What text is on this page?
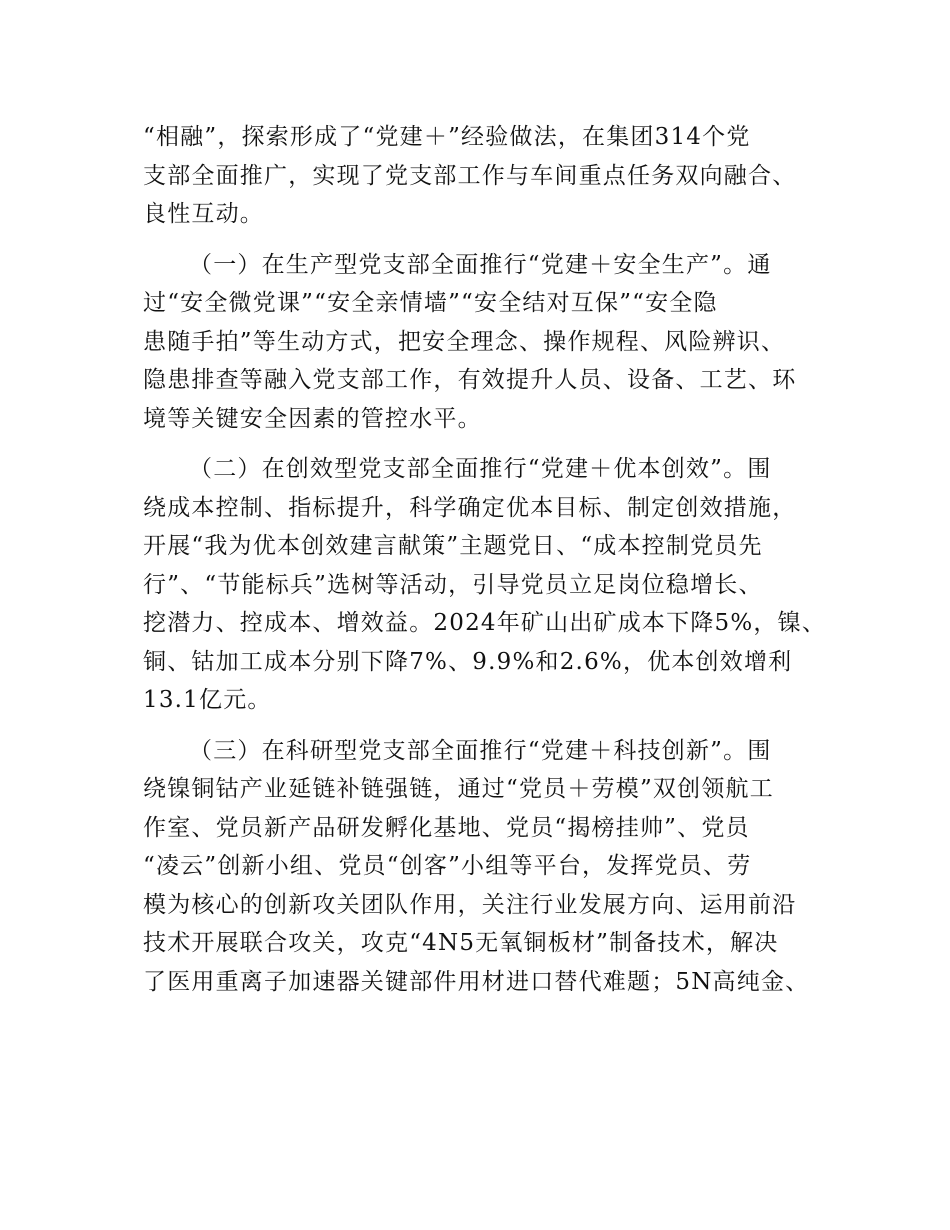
“相融”，探索形成了“党建＋”经验做法，在集团314个党
支部全面推广，实现了党支部工作与车间重点任务双向融合、
良性互动。
（一）在生产型党支部全面推行“党建＋安全生产”。通
过“安全微党课”“安全亲情墙”“安全结对互保”“安全隐
患随手拍”等生动方式，把安全理念、操作规程、风险辨识、
隐患排查等融入党支部工作，有效提升人员、设备、工艺、环
境等关键安全因素的管控水平。
（二）在创效型党支部全面推行“党建＋优本创效”。围
绕成本控制、指标提升，科学确定优本目标、制定创效措施，
开展“我为优本创效建言献策”主题党日、“成本控制党员先
行”、“节能标兵”选树等活动，引导党员立足岗位稳增长、
挖潜力、控成本、增效益。2024年矿山出矿成本下降5%，镍、
铜、钴加工成本分别下降7%、9.9%和2.6%，优本创效增利
13.1亿元。
（三）在科研型党支部全面推行“党建＋科技创新”。围
绕镍铜钴产业延链补链强链，通过“党员＋劳模”双创领航工
作室、党员新产品研发孵化基地、党员“揭榜挂帅”、党员
“凌云”创新小组、党员“创客”小组等平台，发挥党员、劳
模为核心的创新攻关团队作用，关注行业发展方向、运用前沿
技术开展联合攻关，攻克“4N5无氧铜板材”制备技术，解决
了医用重离子加速器关键部件用材进口替代难题；5N高纯金、
